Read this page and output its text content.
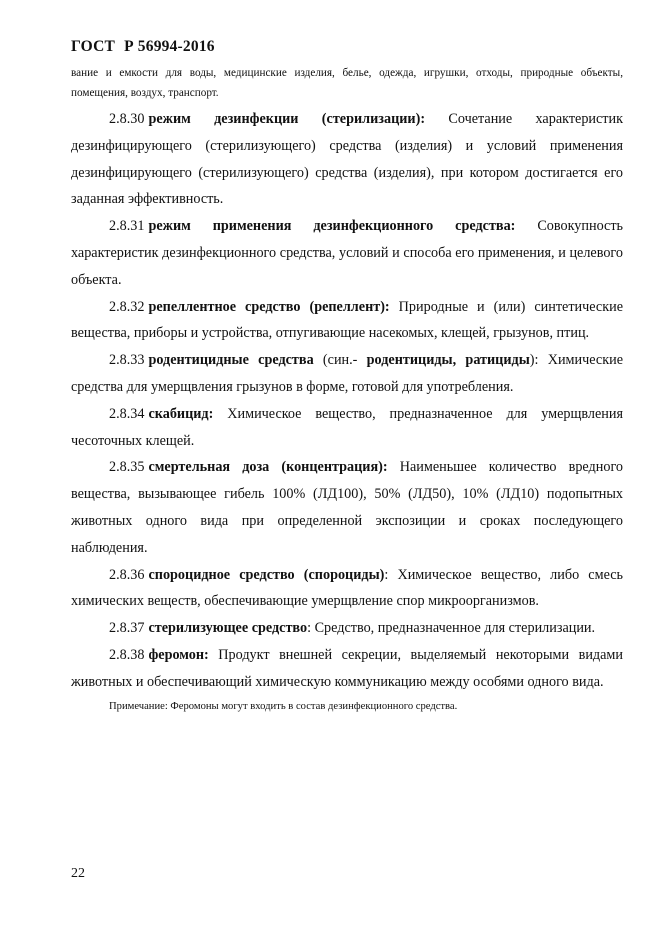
ГОСТ Р 56994-2016
вание и емкости для воды, медицинские изделия, белье, одежда, игрушки, отходы, природные объекты, помещения, воздух, транспорт.

2.8.30 режим дезинфекции (стерилизации): Сочетание характеристик дезинфицирующего (стерилизующего) средства (изделия) и условий применения дезинфицирующего (стерилизующего) средства (изделия), при котором достигается его заданная эффективность.

2.8.31 режим применения дезинфекционного средства: Совокупность характеристик дезинфекционного средства, условий и способа его применения, и целевого объекта.

2.8.32 репеллентное средство (репеллент): Природные и (или) синтетические вещества, приборы и устройства, отпугивающие насекомых, клещей, грызунов, птиц.

2.8.33 родентицидные средства (син.- родентициды, ратициды): Химические средства для умерщвления грызунов в форме, готовой для употребления.

2.8.34 скабицид: Химическое вещество, предназначенное для умерщвления чесоточных клещей.

2.8.35 смертельная доза (концентрация): Наименьшее количество вредного вещества, вызывающее гибель 100% (ЛД100), 50% (ЛД50), 10% (ЛД10) подопытных животных одного вида при определенной экспозиции и сроках последующего наблюдения.

2.8.36 спороцидное средство (спороциды): Химическое вещество, либо смесь химических веществ, обеспечивающие умерщвление спор микроорганизмов.

2.8.37 стерилизующее средство: Средство, предназначенное для стерилизации.

2.8.38 феромон: Продукт внешней секреции, выделяемый некоторыми видами животных и обеспечивающий химическую коммуникацию между особями одного вида.

Примечание: Феромоны могут входить в состав дезинфекционного средства.

22
